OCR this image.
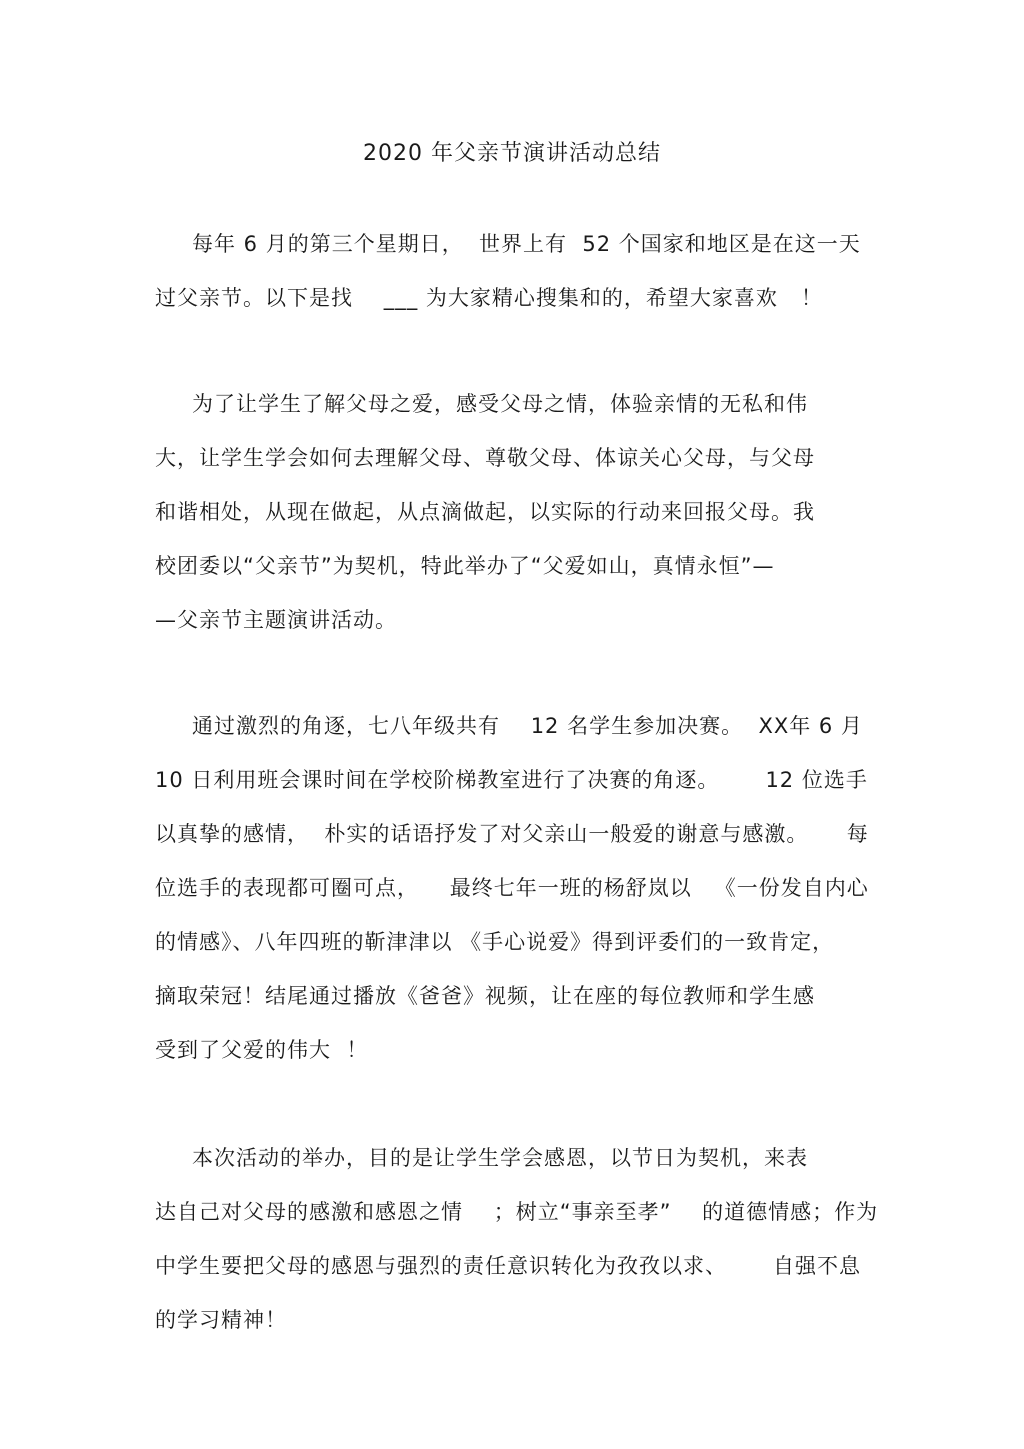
2020 年父亲节演讲活动总结

每年 6 月的第三个星期日，  世界上有  52 个国家和地区是在这一天

过父亲节。以下是找    ___ 为大家精心搜集和的，希望大家喜欢   ！

为了让学生了解父母之爱，感受父母之情，体验亲情的无私和伟

大，让学生学会如何去理解父母、尊敬父母、体谅关心父母，与父母

和谐相处，从现在做起，从点滴做起，以实际的行动来回报父母。我

校团委以“父亲节”为契机，特此举办了“父爱如山，真情永恒”—

—父亲节主题演讲活动。

通过激烈的角逐，七八年级共有    12 名学生参加决赛。  XX年 6 月

10 日利用班会课时间在学校阶梯教室进行了决赛的角逐。      12 位选手

以真挚的感情，  朴实的话语抒发了对父亲山一般爱的谢意与感激。     每

位选手的表现都可圈可点，    最终七年一班的杨舒岚以   《一份发自内心

的情感》、八年四班的靳津津以 《手心说爱》得到评委们的一致肯定，

摘取荣冠！结尾通过播放《爸爸》视频，让在座的每位教师和学生感

受到了父爱的伟大  ！

本次活动的举办，目的是让学生学会感恩，以节日为契机，来表

达自己对父母的感激和感恩之情    ；树立“事亲至孝”    的道德情感；作为

中学生要把父母的感恩与强烈的责任意识转化为孜孜以求、      自强不息

的学习精神！
